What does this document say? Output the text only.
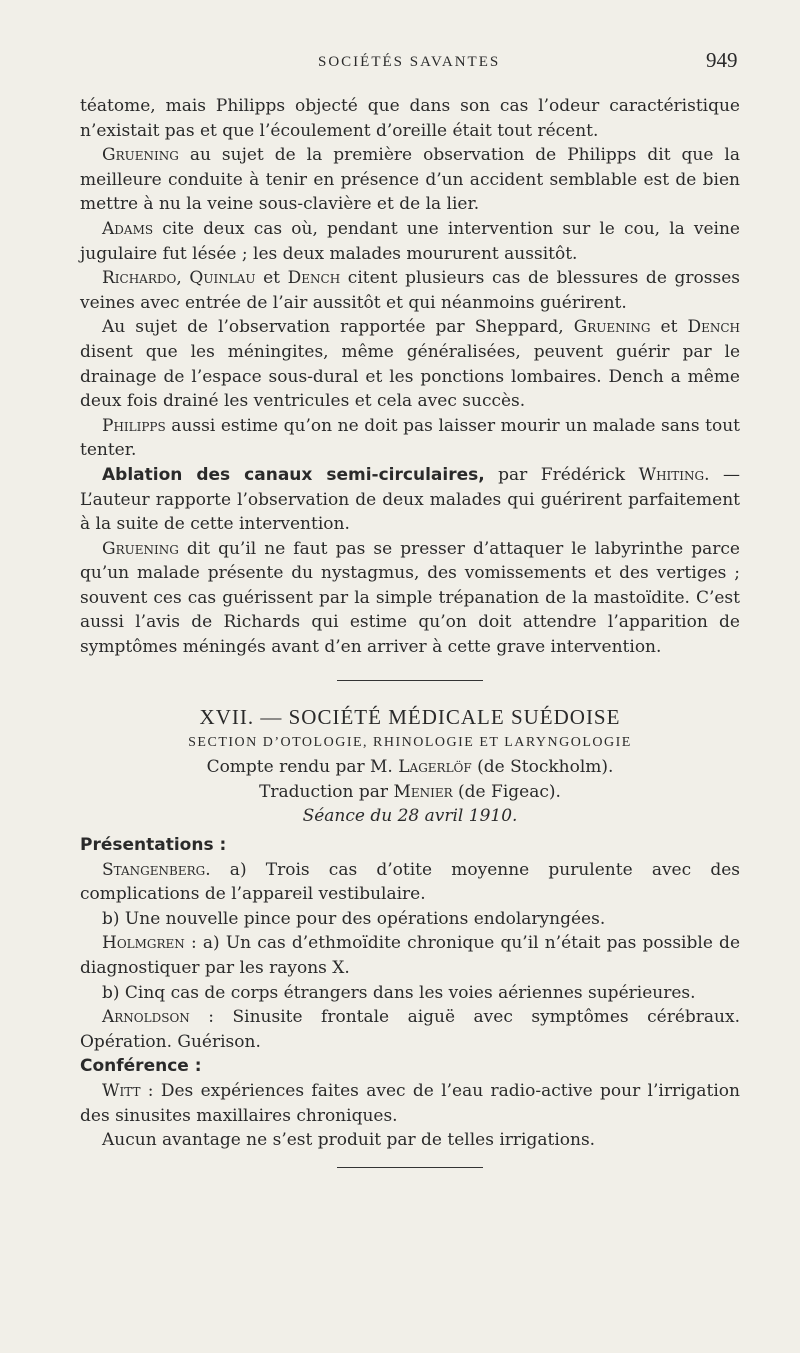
SOCIÉTÉS SAVANTES	949

téatome, mais Philipps objecté que dans son cas l’odeur caractéristique n’existait pas et que l’écoulement d’oreille était tout récent.

Gruening au sujet de la première observation de Philipps dit que la meilleure conduite à tenir en présence d’un accident semblable est de bien mettre à nu la veine sous-clavière et de la lier.

Adams cite deux cas où, pendant une intervention sur le cou, la veine jugulaire fut lésée ; les deux malades moururent aussitôt.

Richardo, Quinlau et Dench citent plusieurs cas de blessures de grosses veines avec entrée de l’air aussitôt et qui néanmoins guérirent.

Au sujet de l’observation rapportée par Sheppard, Gruening et Dench disent que les méningites, même généralisées, peuvent guérir par le drainage de l’espace sous-dural et les ponctions lombaires. Dench a même deux fois drainé les ventricules et cela avec succès.

Philipps aussi estime qu’on ne doit pas laisser mourir un malade sans tout tenter.

Ablation des canaux semi-circulaires, par Frédérick Whiting. — L’auteur rapporte l’observation de deux malades qui guérirent parfaitement à la suite de cette intervention.

Gruening dit qu’il ne faut pas se presser d’attaquer le labyrinthe parce qu’un malade présente du nystagmus, des vomissements et des vertiges ; souvent ces cas guérissent par la simple trépanation de la mastoïdite. C’est aussi l’avis de Richards qui estime qu’on doit attendre l’apparition de symptômes méningés avant d’en arriver à cette grave intervention.

XVII. — SOCIÉTÉ MÉDICALE SUÉDOISE

SECTION D’OTOLOGIE, RHINOLOGIE ET LARYNGOLOGIE

Compte rendu par M. Lagerlöf (de Stockholm).

Traduction par Menier (de Figeac).

Séance du 28 avril 1910.

Présentations :

Stangenberg. a) Trois cas d’otite moyenne purulente avec des complications de l’appareil vestibulaire.

b) Une nouvelle pince pour des opérations endolaryngées.

Holmgren : a) Un cas d’ethmoïdite chronique qu’il n’était pas possible de diagnostiquer par les rayons X.

b) Cinq cas de corps étrangers dans les voies aériennes supérieures.

Arnoldson : Sinusite frontale aiguë avec symptômes cérébraux. Opération. Guérison.

Conférence :

Witt : Des expériences faites avec de l’eau radio-active pour l’irrigation des sinusites maxillaires chroniques.

Aucun avantage ne s’est produit par de telles irrigations.
